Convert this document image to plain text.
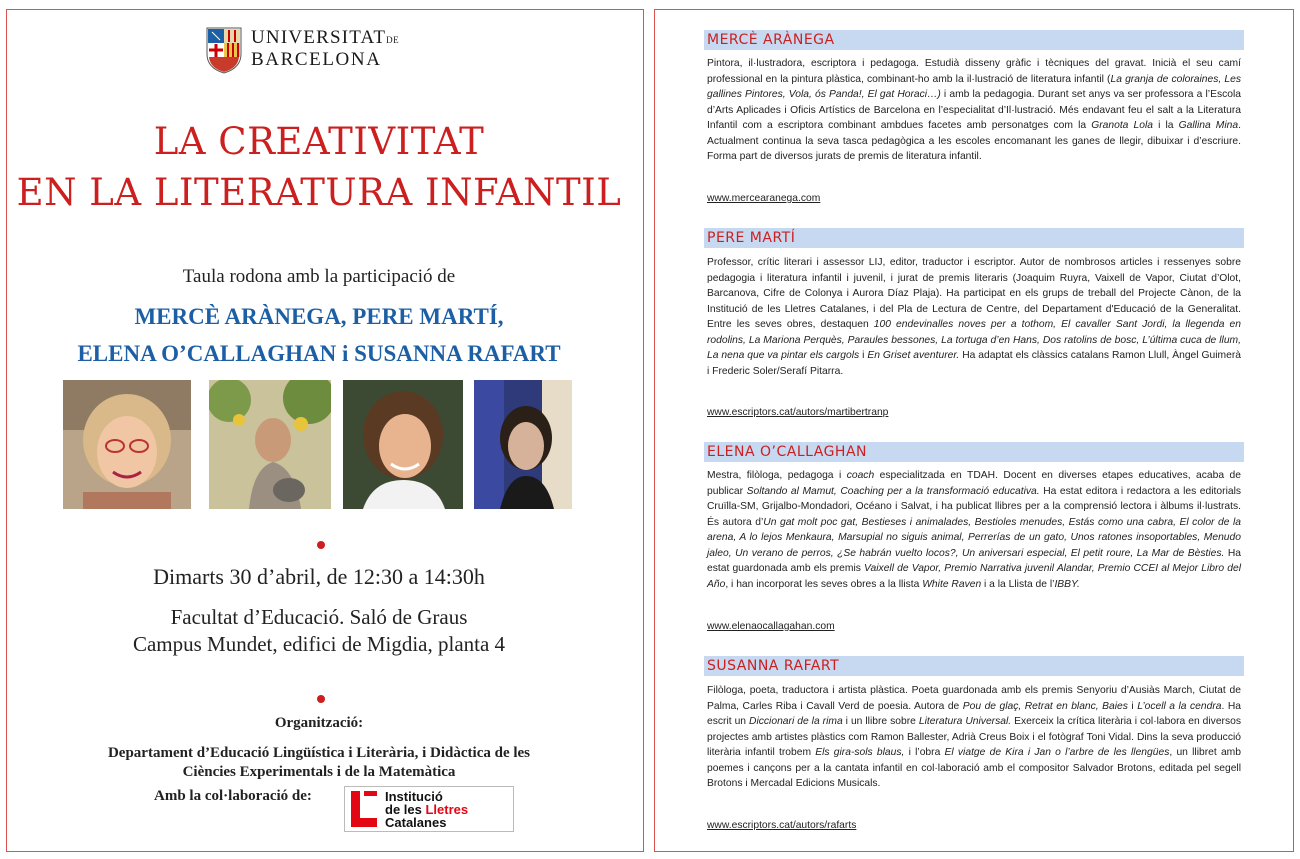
UNIVERSITATDE
BARCELONA
LA CREATIVITAT
EN LA LITERATURA INFANTIL
Taula rodona amb la participació de
MERCÈ ARÀNEGA, PERE MARTÍ,
ELENA O’CALLAGHAN i SUSANNA RAFART
Dimarts 30 d’abril, de 12:30 a 14:30h
Facultat d’Educació. Saló de Graus
Campus Mundet, edifici de Migdia, planta 4
Organització:
Departament d’Educació Lingüística i Literària, i Didàctica de les
Ciències Experimentals i de la Matemàtica
Amb la col·laboració de:	Institució
de les Lletres
Catalanes
MERCÈ ARÀNEGA
Pintora, il·lustradora, escriptora i pedagoga. Estudià disseny gràfic i tècniques del gravat. Inicià el seu camí professional en la pintura plàstica, combinant-ho amb la il·lustració de literatura infantil (La granja de coloraines, Les gallines Pintores, Vola, ós Panda!, El gat Horaci…) i amb la pedagogia. Durant set anys va ser professora a l’Escola d’Arts Aplicades i Oficis Artístics de Barcelona en l’especialitat d’Il·lustració. Més endavant feu el salt a la Literatura Infantil com a escriptora combinant ambdues facetes amb personatges com la Granota Lola i la Gallina Mina. Actualment continua la seva tasca pedagògica a les escoles encomanant les ganes de llegir, dibuixar i d’escriure. Forma part de diversos jurats de premis de literatura infantil.
www.mercearanega.com
PERE MARTÍ
Professor, crític literari i assessor LIJ, editor, traductor i escriptor. Autor de nombrosos articles i ressenyes sobre pedagogia i literatura infantil i juvenil, i jurat de premis literaris (Joaquim Ruyra, Vaixell de Vapor, Ciutat d’Olot, Barcanova, Cifre de Colonya i Aurora Díaz Plaja). Ha participat en els grups de treball del Projecte Cànon, de la Institució de les Lletres Catalanes, i del Pla de Lectura de Centre, del Departament d'Educació de la Generalitat. Entre les seves obres, destaquen 100 endevinalles noves per a tothom, El cavaller Sant Jordi, la llegenda en rodolins, La Mariona Perquès, Paraules bessones, La tortuga d’en Hans, Dos ratolins de bosc, L’última cuca de llum, La nena que va pintar els cargols i En Griset aventurer. Ha adaptat els clàssics catalans Ramon Llull, Àngel Guimerà i Frederic Soler/Serafí Pitarra.
www.escriptors.cat/autors/martibertranp
ELENA O’CALLAGHAN
Mestra, filòloga, pedagoga i coach especialitzada en TDAH. Docent en diverses etapes educatives, acaba de publicar Soltando al Mamut, Coaching per a la transformació educativa. Ha estat editora i redactora a les editorials Cruïlla-SM, Grijalbo-Mondadori, Océano i Salvat, i ha publicat llibres per a la comprensió lectora i àlbums il·lustrats. És autora d’Un gat molt poc gat, Bestieses i animalades, Bestioles menudes, Estás como una cabra, El color de la arena, A lo lejos Menkaura, Marsupial no siguis animal, Perrerías de un gato, Unos ratones insoportables, Menudo jaleo, Un verano de perros, ¿Se habrán vuelto locos?, Un aniversari especial, El petit roure, La Mar de Bèsties. Ha estat guardonada amb els premis Vaixell de Vapor, Premio Narrativa juvenil Alandar, Premio CCEI al Mejor Libro del Año, i han incorporat les seves obres a la llista White Raven i a la Llista de l’IBBY.
www.elenaocallagahan.com
SUSANNA RAFART
Filòloga, poeta, traductora i artista plàstica. Poeta guardonada amb els premis Senyoriu d’Ausiàs March, Ciutat de Palma, Carles Riba i Cavall Verd de poesia. Autora de Pou de glaç, Retrat en blanc, Baies i L’ocell a la cendra. Ha escrit un Diccionari de la rima i un llibre sobre Literatura Universal. Exerceix la crítica literària i col·labora en diversos projectes amb artistes plàstics com Ramon Ballester, Adrià Creus Boix i el fotògraf Toni Vidal. Dins la seva producció literària infantil trobem Els gira-sols blaus, i l’obra El viatge de Kira i Jan o l’arbre de les llengües, un llibret amb poemes i cançons per a la cantata infantil en col·laboració amb el compositor Salvador Brotons, editada pel segell Brotons i Mercadal Edicions Musicals.
www.escriptors.cat/autors/rafarts
